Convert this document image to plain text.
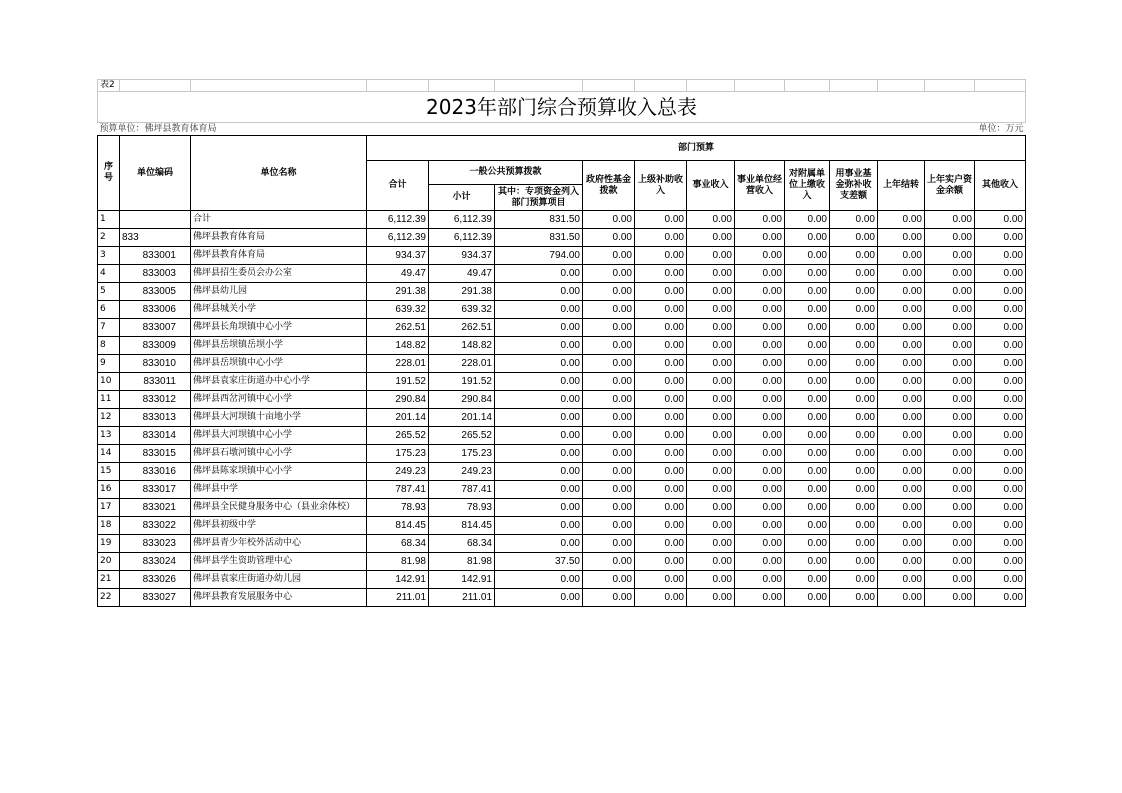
表2														
2023年部门综合预算收入总表														
预算单位：佛坪县教育体育局								单位：万元						
序号	单位编码	单位名称	部门预算											
			合计	一般公共预算拨款		政府性基金拨款	上级补助收入	事业收入	事业单位经营收入	对附属单位上缴收入	用事业基金弥补收支差额	上年结转	上年实户资金余额	其他收入
				小计	其中：专项资金列入部门预算项目									
1		合计	6,112.39	6,112.39	831.50	0.00	0.00	0.00	0.00	0.00	0.00	0.00	0.00	0.00
2	833	佛坪县教育体育局	6,112.39	6,112.39	831.50	0.00	0.00	0.00	0.00	0.00	0.00	0.00	0.00	0.00
3	833001	佛坪县教育体育局	934.37	934.37	794.00	0.00	0.00	0.00	0.00	0.00	0.00	0.00	0.00	0.00
4	833003	佛坪县招生委员会办公室	49.47	49.47	0.00	0.00	0.00	0.00	0.00	0.00	0.00	0.00	0.00	0.00
5	833005	佛坪县幼儿园	291.38	291.38	0.00	0.00	0.00	0.00	0.00	0.00	0.00	0.00	0.00	0.00
6	833006	佛坪县城关小学	639.32	639.32	0.00	0.00	0.00	0.00	0.00	0.00	0.00	0.00	0.00	0.00
7	833007	佛坪县长角坝镇中心小学	262.51	262.51	0.00	0.00	0.00	0.00	0.00	0.00	0.00	0.00	0.00	0.00
8	833009	佛坪县岳坝镇岳坝小学	148.82	148.82	0.00	0.00	0.00	0.00	0.00	0.00	0.00	0.00	0.00	0.00
9	833010	佛坪县岳坝镇中心小学	228.01	228.01	0.00	0.00	0.00	0.00	0.00	0.00	0.00	0.00	0.00	0.00
10	833011	佛坪县袁家庄街道办中心小学	191.52	191.52	0.00	0.00	0.00	0.00	0.00	0.00	0.00	0.00	0.00	0.00
11	833012	佛坪县西岔河镇中心小学	290.84	290.84	0.00	0.00	0.00	0.00	0.00	0.00	0.00	0.00	0.00	0.00
12	833013	佛坪县大河坝镇十亩地小学	201.14	201.14	0.00	0.00	0.00	0.00	0.00	0.00	0.00	0.00	0.00	0.00
13	833014	佛坪县大河坝镇中心小学	265.52	265.52	0.00	0.00	0.00	0.00	0.00	0.00	0.00	0.00	0.00	0.00
14	833015	佛坪县石墩河镇中心小学	175.23	175.23	0.00	0.00	0.00	0.00	0.00	0.00	0.00	0.00	0.00	0.00
15	833016	佛坪县陈家坝镇中心小学	249.23	249.23	0.00	0.00	0.00	0.00	0.00	0.00	0.00	0.00	0.00	0.00
16	833017	佛坪县中学	787.41	787.41	0.00	0.00	0.00	0.00	0.00	0.00	0.00	0.00	0.00	0.00
17	833021	佛坪县全民健身服务中心（县业余体校）	78.93	78.93	0.00	0.00	0.00	0.00	0.00	0.00	0.00	0.00	0.00	0.00
18	833022	佛坪县初级中学	814.45	814.45	0.00	0.00	0.00	0.00	0.00	0.00	0.00	0.00	0.00	0.00
19	833023	佛坪县青少年校外活动中心	68.34	68.34	0.00	0.00	0.00	0.00	0.00	0.00	0.00	0.00	0.00	0.00
20	833024	佛坪县学生资助管理中心	81.98	81.98	37.50	0.00	0.00	0.00	0.00	0.00	0.00	0.00	0.00	0.00
21	833026	佛坪县袁家庄街道办幼儿园	142.91	142.91	0.00	0.00	0.00	0.00	0.00	0.00	0.00	0.00	0.00	0.00
22	833027	佛坪县教育发展服务中心	211.01	211.01	0.00	0.00	0.00	0.00	0.00	0.00	0.00	0.00	0.00	0.00
